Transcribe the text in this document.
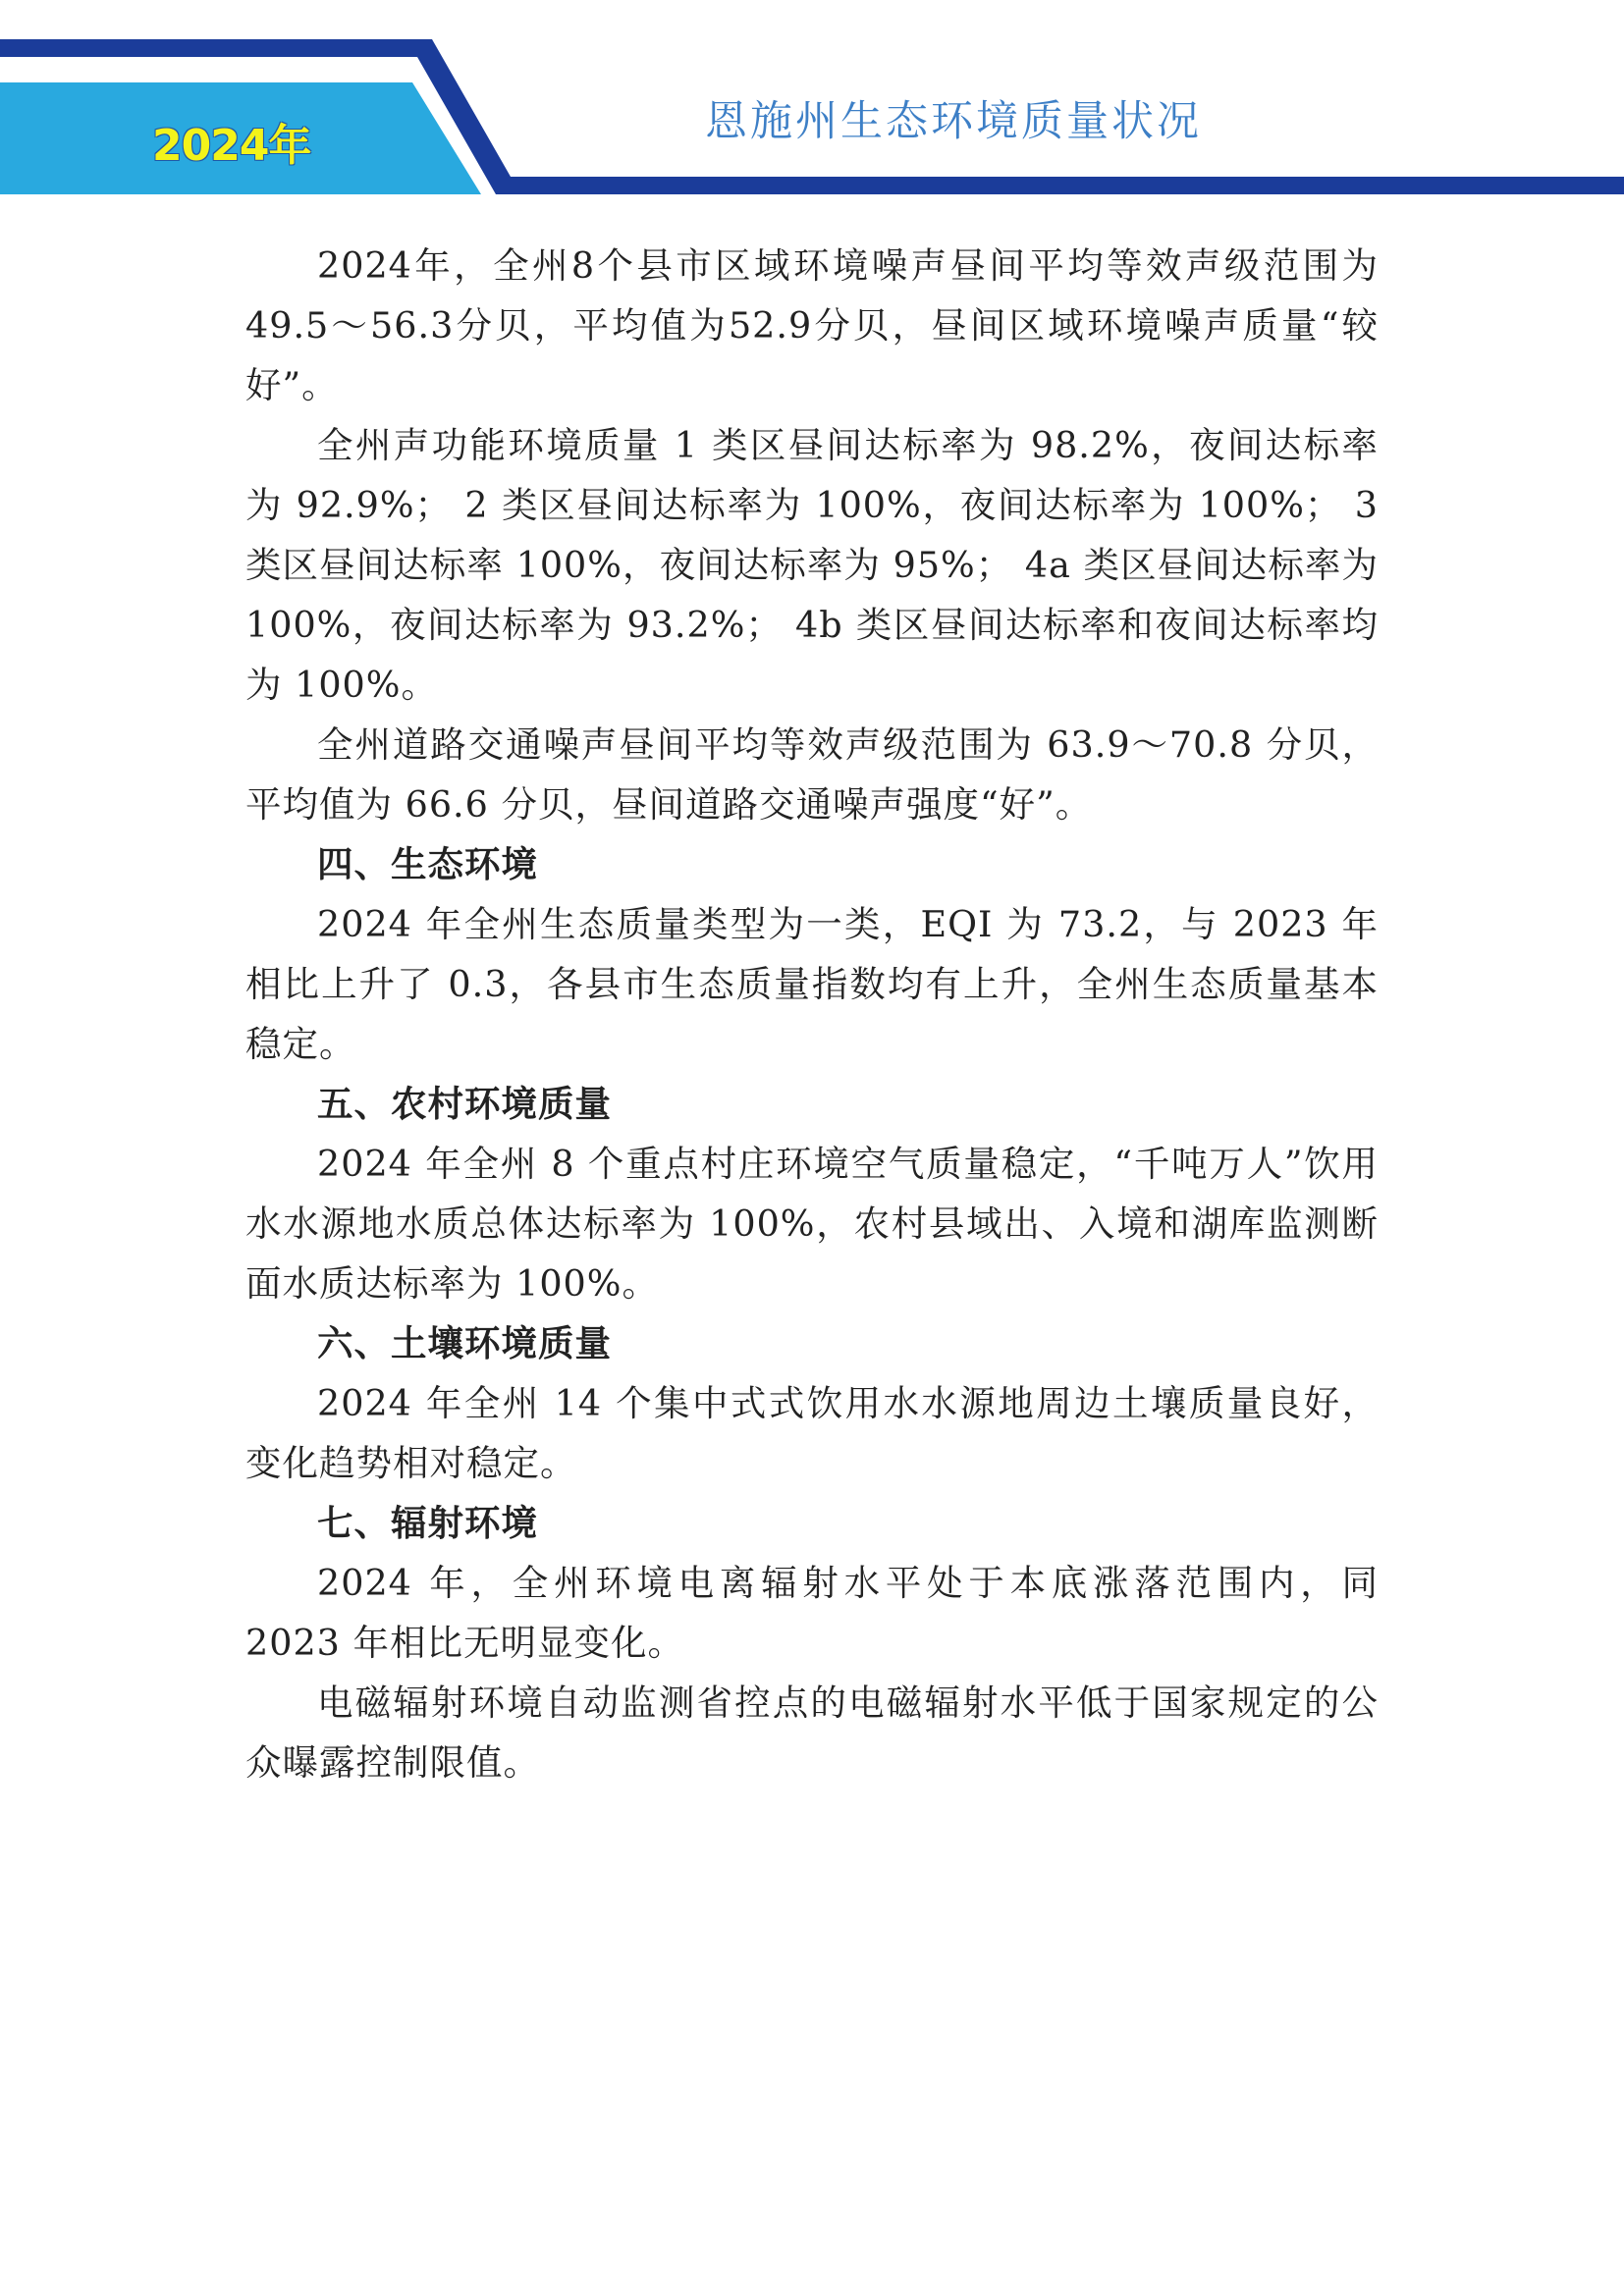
2024年	恩施州生态环境质量状况

2024年，全州8个县市区域环境噪声昼间平均等效声级范围为49.5～56.3分贝，平均值为52.9分贝，昼间区域环境噪声质量“较好”。

全州声功能环境质量 1 类区昼间达标率为 98.2%，夜间达标率为 92.9%； 2 类区昼间达标率为 100%，夜间达标率为 100%； 3 类区昼间达标率 100%，夜间达标率为 95%； 4a 类区昼间达标率为 100%，夜间达标率为 93.2%； 4b 类区昼间达标率和夜间达标率均为 100%。

全州道路交通噪声昼间平均等效声级范围为 63.9～70.8 分贝，平均值为 66.6 分贝，昼间道路交通噪声强度“好”。

四、生态环境

2024 年全州生态质量类型为一类，EQI 为 73.2，与 2023 年相比上升了 0.3，各县市生态质量指数均有上升，全州生态质量基本稳定。

五、农村环境质量

2024 年全州 8 个重点村庄环境空气质量稳定，“千吨万人”饮用水水源地水质总体达标率为 100%，农村县域出、入境和湖库监测断面水质达标率为 100%。

六、土壤环境质量

2024 年全州 14 个集中式式饮用水水源地周边土壤质量良好，变化趋势相对稳定。

七、辐射环境

2024 年，全州环境电离辐射水平处于本底涨落范围内，同 2023 年相比无明显变化。

电磁辐射环境自动监测省控点的电磁辐射水平低于国家规定的公众曝露控制限值。
